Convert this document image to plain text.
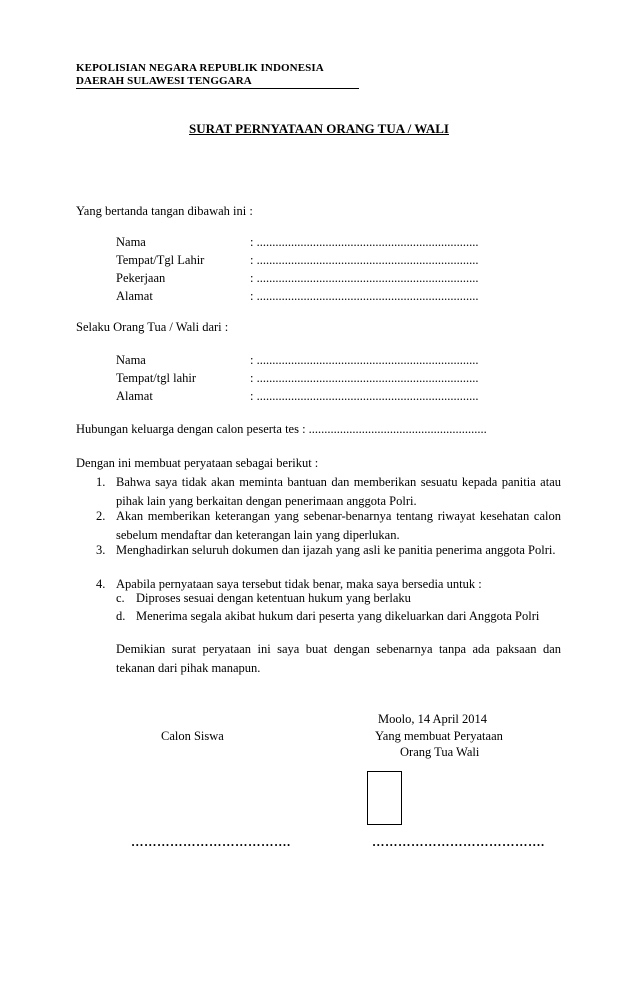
KEPOLISIAN NEGARA REPUBLIK INDONESIA
DAERAH SULAWESI TENGGARA
SURAT PERNYATAAN ORANG TUA / WALI
Yang bertanda tangan dibawah ini :
Nama	: .......................................................................
Tempat/Tgl Lahir	: .......................................................................
Pekerjaan	: .......................................................................
Alamat	: .......................................................................
Selaku Orang Tua / Wali dari :
Nama	: .......................................................................
Tempat/tgl lahir	: .......................................................................
Alamat	: .......................................................................
Hubungan keluarga dengan calon peserta tes : .........................................................
Dengan ini membuat peryataan sebagai berikut :
1. Bahwa saya tidak akan meminta bantuan dan memberikan sesuatu kepada panitia atau pihak lain yang berkaitan dengan penerimaan anggota Polri.
2. Akan memberikan keterangan yang sebenar-benarnya tentang riwayat kesehatan calon sebelum mendaftar dan keterangan lain yang diperlukan.
3. Menghadirkan seluruh dokumen dan ijazah yang asli ke panitia penerima anggota Polri.
4. Apabila pernyataan saya tersebut tidak benar, maka saya bersedia untuk :
c. Diproses sesuai dengan ketentuan hukum yang berlaku
d. Menerima segala akibat hukum dari peserta yang dikeluarkan dari Anggota Polri
Demikian surat peryataan ini saya buat dengan sebenarnya tanpa ada paksaan dan tekanan dari pihak manapun.
Moolo, 14 April 2014
Calon Siswa	Yang membuat Peryataan
Orang Tua Wali
……………………………….	………………………………….
